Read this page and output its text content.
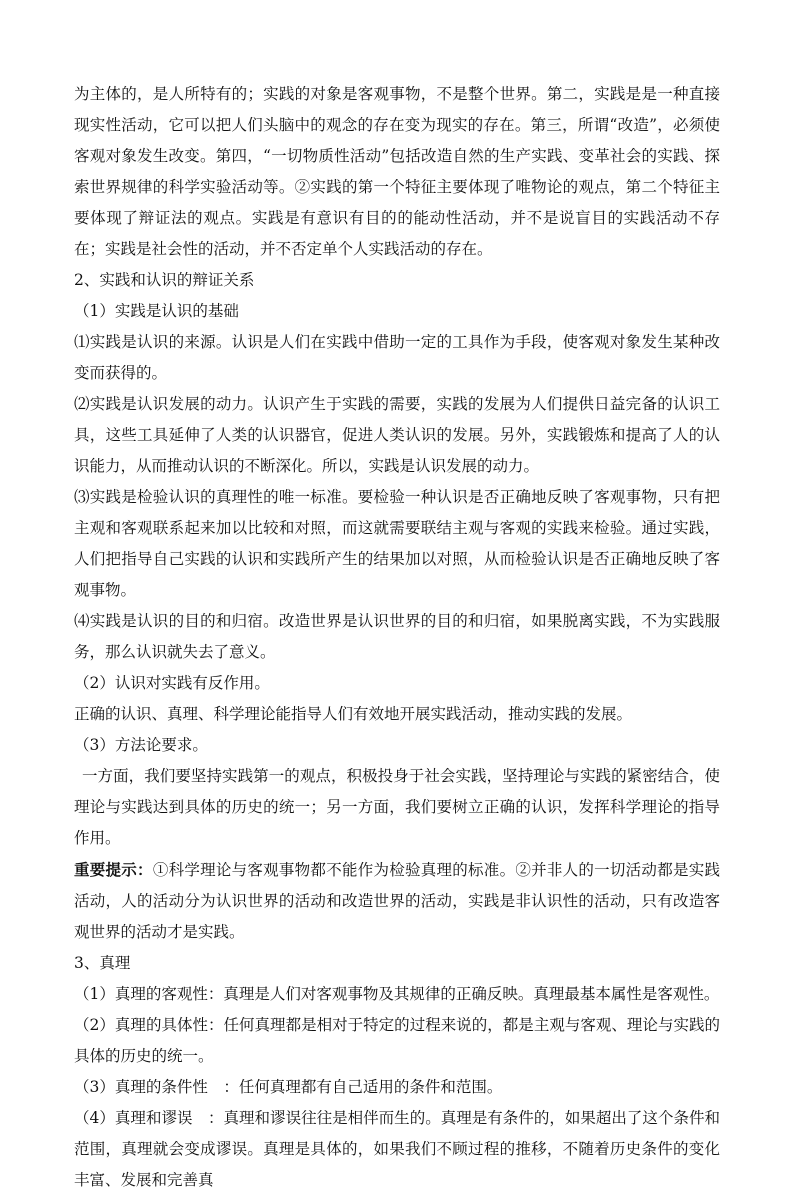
为主体的，是人所特有的；实践的对象是客观事物，不是整个世界。第二，实践是是一种直接现实性活动，它可以把人们头脑中的观念的存在变为现实的存在。第三，所谓“改造”，必须使客观对象发生改变。第四，“一切物质性活动”包括改造自然的生产实践、变革社会的实践、探索世界规律的科学实验活动等。②实践的第一个特征主要体现了唯物论的观点，第二个特征主要体现了辩证法的观点。实践是有意识有目的的能动性活动，并不是说盲目的实践活动不存在；实践是社会性的活动，并不否定单个人实践活动的存在。

2、实践和认识的辩证关系

（1）实践是认识的基础

⑴实践是认识的来源。认识是人们在实践中借助一定的工具作为手段，使客观对象发生某种改变而获得的。

⑵实践是认识发展的动力。认识产生于实践的需要，实践的发展为人们提供日益完备的认识工具，这些工具延伸了人类的认识器官，促进人类认识的发展。另外，实践锻炼和提高了人的认识能力，从而推动认识的不断深化。所以，实践是认识发展的动力。

⑶实践是检验认识的真理性的唯一标准。要检验一种认识是否正确地反映了客观事物，只有把主观和客观联系起来加以比较和对照，而这就需要联结主观与客观的实践来检验。通过实践，人们把指导自己实践的认识和实践所产生的结果加以对照，从而检验认识是否正确地反映了客观事物。

⑷实践是认识的目的和归宿。改造世界是认识世界的目的和归宿，如果脱离实践，不为实践服务，那么认识就失去了意义。

（2）认识对实践有反作用。

正确的认识、真理、科学理论能指导人们有效地开展实践活动，推动实践的发展。

（3）方法论要求。

一方面，我们要坚持实践第一的观点，积极投身于社会实践，坚持理论与实践的紧密结合，使理论与实践达到具体的历史的统一；另一方面，我们要树立正确的认识，发挥科学理论的指导作用。

重要提示：①科学理论与客观事物都不能作为检验真理的标准。②并非人的一切活动都是实践活动，人的活动分为认识世界的活动和改造世界的活动，实践是非认识性的活动，只有改造客观世界的活动才是实践。

3、真理

（1）真理的客观性：真理是人们对客观事物及其规律的正确反映。真理最基本属性是客观性。

（2）真理的具体性：任何真理都是相对于特定的过程来说的，都是主观与客观、理论与实践的具体的历史的统一。

（3）真理的条件性　：任何真理都有自己适用的条件和范围。

（4）真理和谬误　：真理和谬误往往是相伴而生的。真理是有条件的，如果超出了这个条件和范围，真理就会变成谬误。真理是具体的，如果我们不顾过程的推移，不随着历史条件的变化丰富、发展和完善真
